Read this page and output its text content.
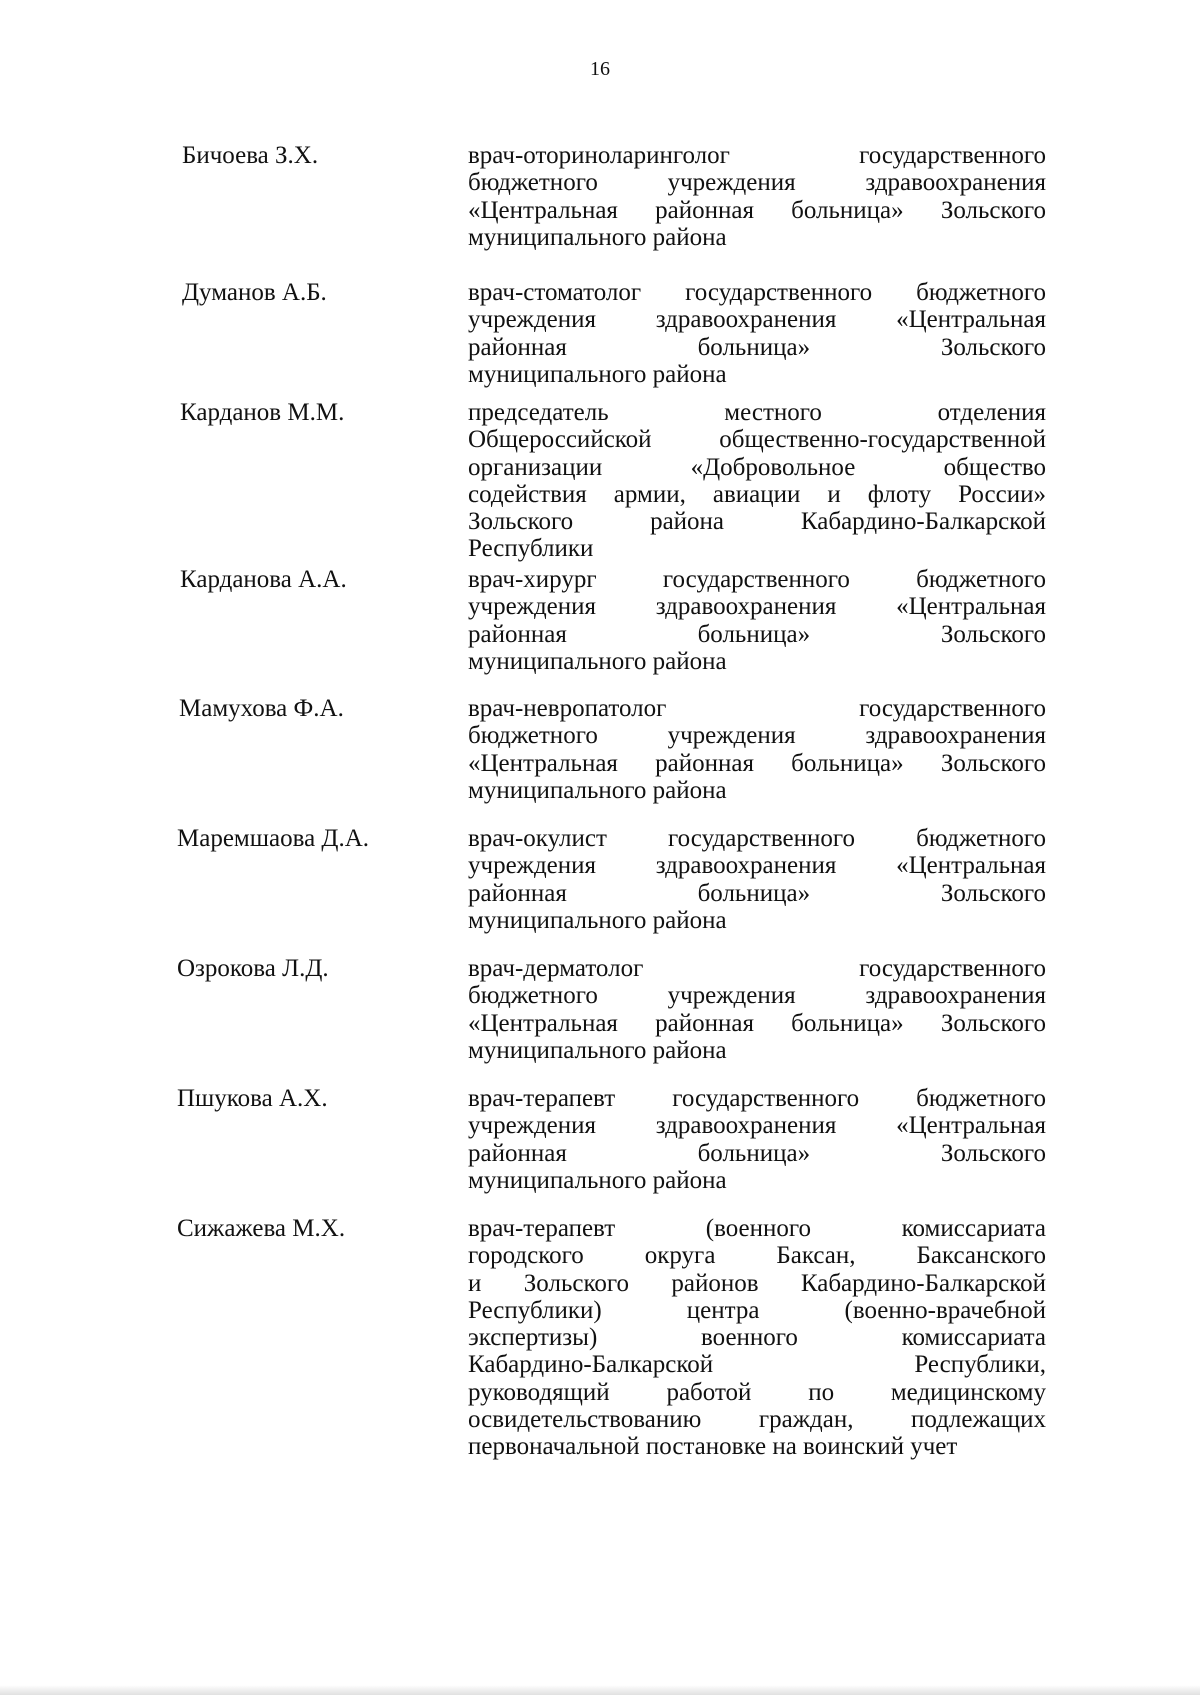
16
Бичоева З.Х.	врач-оториноларинголог государственного
бюджетного учреждения здравоохранения
«Центральная районная больница» Зольского
муниципального района
Думанов А.Б.	врач-стоматолог государственного бюджетного
учреждения здравоохранения «Центральная
районная больница» Зольского
муниципального района
Карданов М.М.	председатель местного отделения
Общероссийской общественно-государственной
организации «Добровольное общество
содействия армии, авиации и флоту России»
Зольского района Кабардино-Балкарской
Республики
Карданова А.А.	врач-хирург государственного бюджетного
учреждения здравоохранения «Центральная
районная больница» Зольского
муниципального района
Мамухова Ф.А.	врач-невропатолог государственного
бюджетного учреждения здравоохранения
«Центральная районная больница» Зольского
муниципального района
Маремшаова Д.А.	врач-окулист государственного бюджетного
учреждения здравоохранения «Центральная
районная больница» Зольского
муниципального района
Озрокова Л.Д.	врач-дерматолог государственного
бюджетного учреждения здравоохранения
«Центральная районная больница» Зольского
муниципального района
Пшукова А.Х.	врач-терапевт государственного бюджетного
учреждения здравоохранения «Центральная
районная больница» Зольского
муниципального района
Сижажева М.Х.	врач-терапевт (военного комиссариата
городского округа Баксан, Баксанского
и Зольского районов Кабардино-Балкарской
Республики) центра (военно-врачебной
экспертизы) военного комиссариата
Кабардино-Балкарской Республики,
руководящий работой по медицинскому
освидетельствованию граждан, подлежащих
первоначальной постановке на воинский учет
